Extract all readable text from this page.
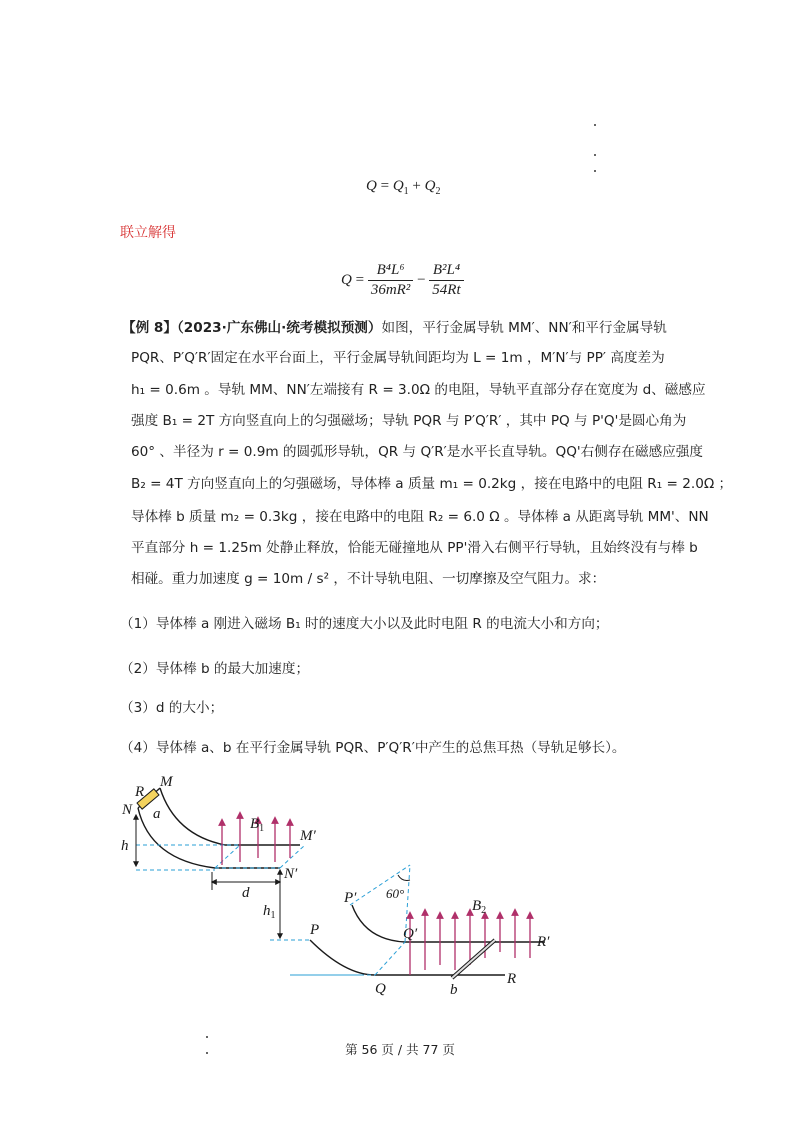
$Q = Q_1 + Q_2$
联立解得
$Q = \frac{\text{B⁴L⁶}}{\text{36mR²}} - \frac{\text{B²L⁴}}{54Rt}$
【例 8】（2023·广东佛山·统考模拟预测）如图，平行金属导轨 MM′、NN′和平行金属导轨
PQR、P′Q′R′固定在水平台面上，平行金属导轨间距均为 L = 1m ，M′N′与 PP′ 高度差为
h₁ = 0.6m 。导轨 MM、NN′左端接有 R = 3.0Ω 的电阻，导轨平直部分存在宽度为 d、磁感应
强度 B₁ = 2T 方向竖直向上的匀强磁场；导轨 PQR 与 P′Q′R′ ，其中 PQ 与 P'Q'是圆心角为
60° 、半径为 r = 0.9m 的圆弧形导轨，QR 与 Q′R′是水平长直导轨。QQ'右侧存在磁感应强度
B₂ = 4T 方向竖直向上的匀强磁场，导体棒 a 质量 m₁ = 0.2kg ，接在电路中的电阻 R₁ = 2.0Ω ；
导体棒 b 质量 m₂ = 0.3kg ，接在电路中的电阻 R₂ = 6.0 Ω 。导体棒 a 从距离导轨 MM'、NN
平直部分 h = 1.25m 处静止释放，恰能无碰撞地从 PP'滑入右侧平行导轨，且始终没有与棒 b
相碰。重力加速度 g = 10m / s² ，不计导轨电阻、一切摩擦及空气阻力。求：
（1）导体棒 a 刚进入磁场 B₁ 时的速度大小以及此时电阻 R 的电流大小和方向；
（2）导体棒 b 的最大加速度；
（3）d 的大小；
（4）导体棒 a、b 在平行金属导轨 PQR、P′Q′R′中产生的总焦耳热（导轨足够长）。
R
M
N a
h
$B_1$ M′
N′
d
$h_1$
P
P′ 60°
$B_2$
Q′	R′
Q	b
R
第 56 页 / 共 77 页
